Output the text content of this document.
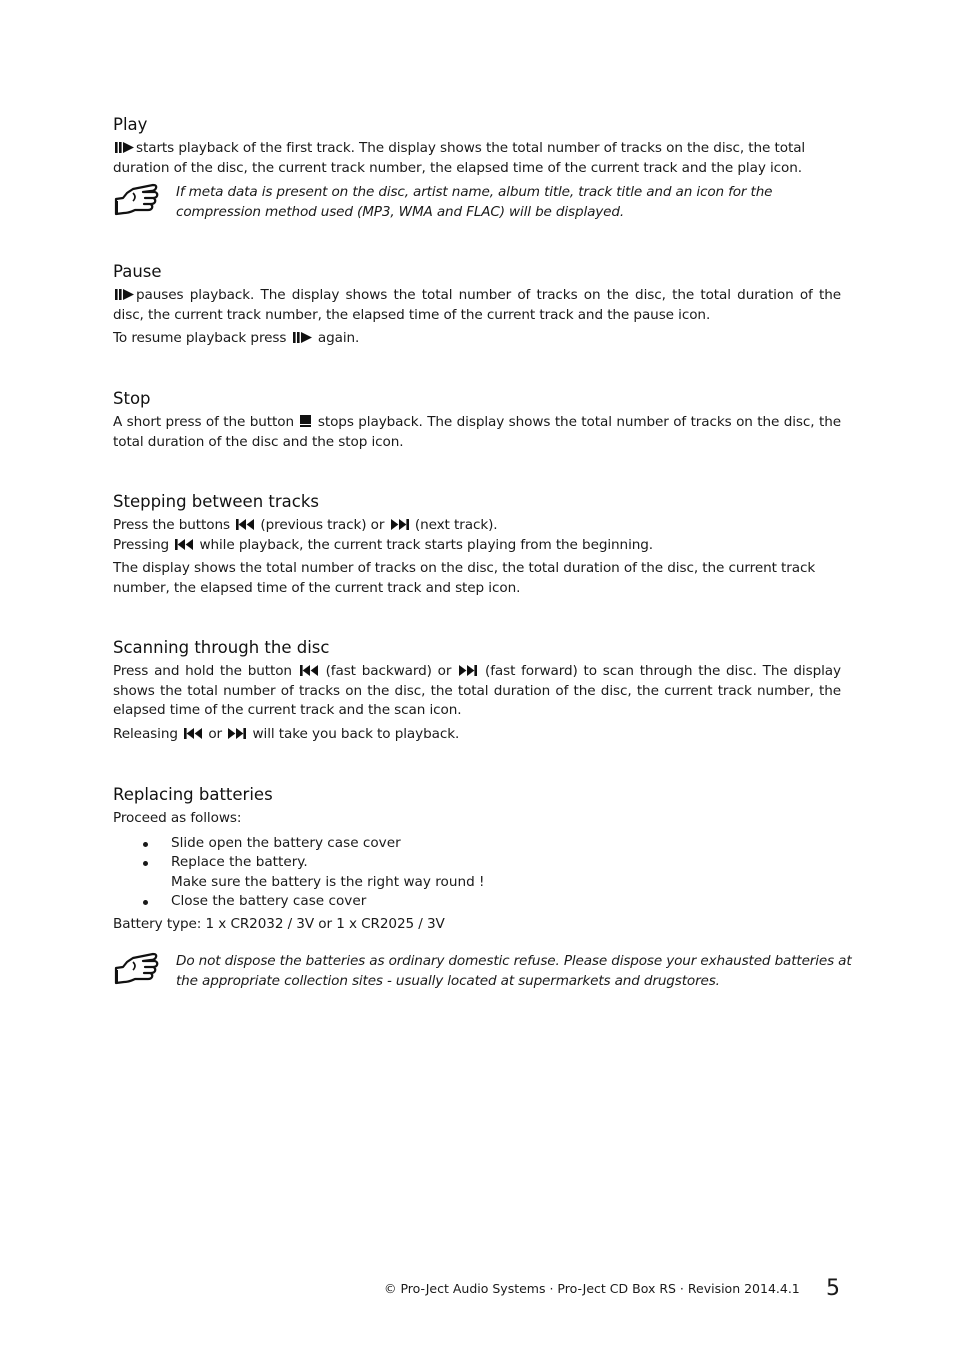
Play

starts playback of the first track. The display shows the total number of tracks on the disc, the total duration of the disc, the current track number, the elapsed time of the current track and the play icon.

If meta data is present on the disc, artist name, album title, track title and an icon for the compression method used (MP3, WMA and FLAC) will be displayed.
Pause

pauses playback. The display shows the total number of tracks on the disc, the total duration of the disc, the current track number, the elapsed time of the current track and the pause icon.

To resume playback press again.

Stop

A short press of the button stops playback. The display shows the total number of tracks on the disc, the total duration of the disc and the stop icon.

Stepping between tracks

Press the buttons (previous track) or (next track).

Pressing while playback, the current track starts playing from the beginning.

The display shows the total number of tracks on the disc, the total duration of the disc, the current track number, the elapsed time of the current track and step icon.

Scanning through the disc

Press and hold the button (fast backward) or (fast forward) to scan through the disc. The display shows the total number of tracks on the disc, the total duration of the disc, the current track number, the elapsed time of the current track and the scan icon.

Releasing or will take you back to playback.

Replacing batteries

Proceed as follows:

Slide open the battery case cover
Replace the battery.
Make sure the battery is the right way round !
Close the battery case cover

Battery type: 1 x CR2032 / 3V or 1 x CR2025 / 3V

Do not dispose the batteries as ordinary domestic refuse. Please dispose your exhausted batteries at the appropriate collection sites - usually located at supermarkets and drugstores.
© Pro-Ject Audio Systems · Pro-Ject CD Box RS · Revision 2014.4.1 5
